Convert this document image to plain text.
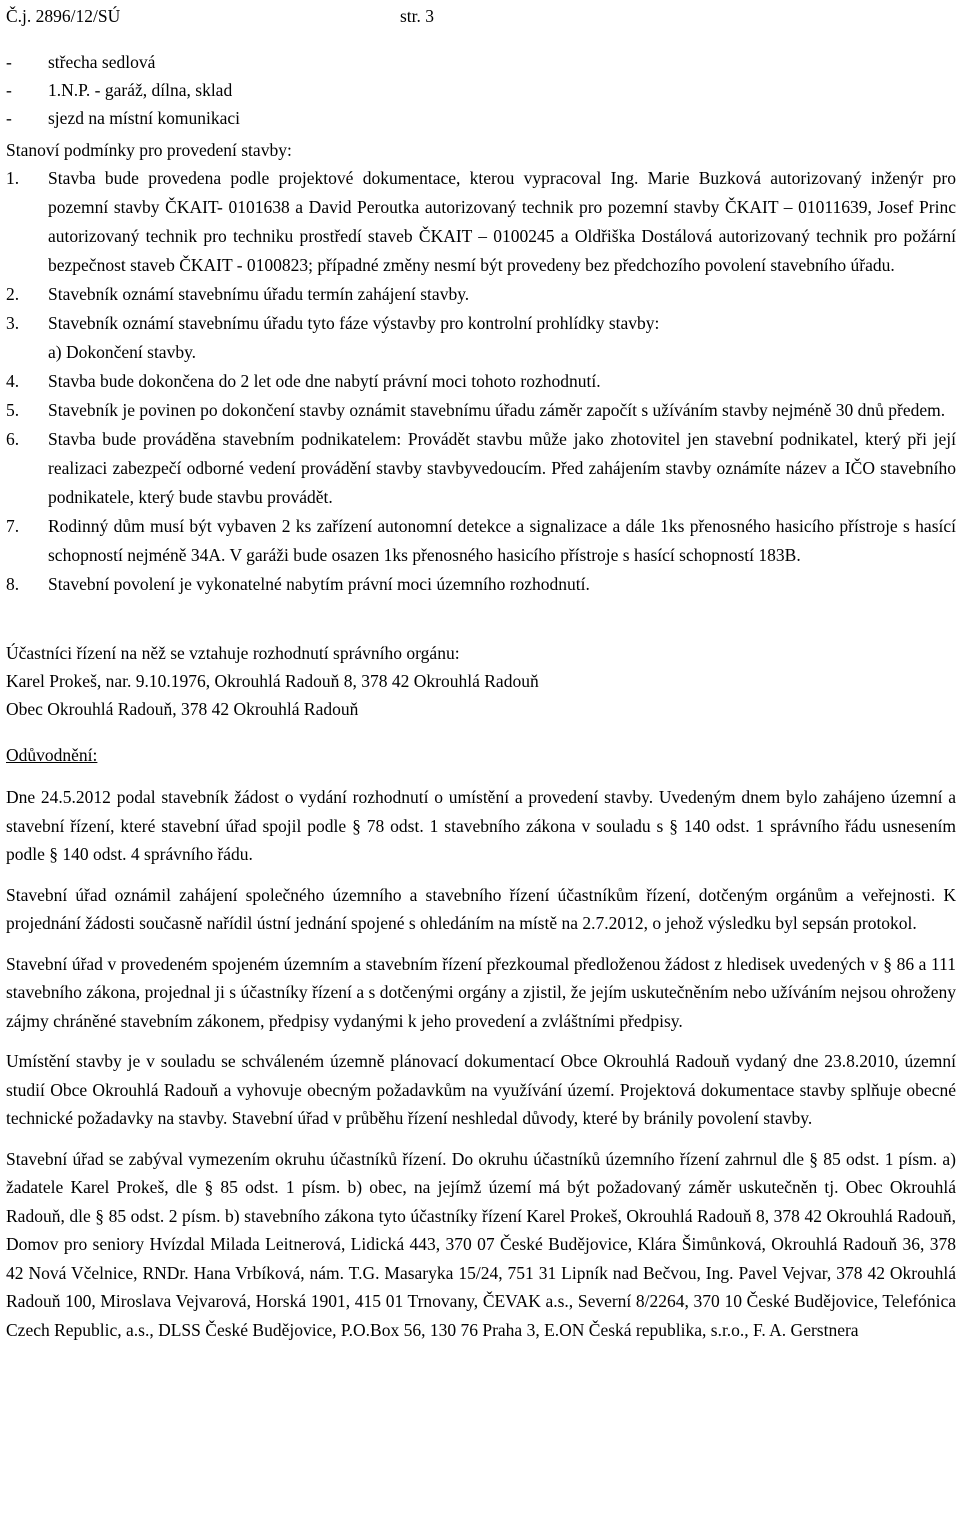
Č.j. 2896/12/SÚ	str. 3
- střecha sedlová
- 1.N.P. - garáž, dílna, sklad
- sjezd na místní komunikaci
Stanoví podmínky pro provedení stavby:
1.	Stavba bude provedena podle projektové dokumentace, kterou vypracoval Ing. Marie Buzková autorizovaný inženýr pro pozemní stavby ČKAIT- 0101638 a David Peroutka autorizovaný technik pro pozemní stavby ČKAIT – 01011639, Josef Princ autorizovaný technik pro techniku prostředí staveb ČKAIT – 0100245 a Oldřiška Dostálová autorizovaný technik pro požární bezpečnost staveb ČKAIT - 0100823; případné změny nesmí být provedeny bez předchozího povolení stavebního úřadu.
2.	Stavebník oznámí stavebnímu úřadu termín zahájení stavby.
3.	Stavebník oznámí stavebnímu úřadu tyto fáze výstavby pro kontrolní prohlídky stavby:
a) Dokončení stavby.
4.	Stavba bude dokončena do 2 let ode dne nabytí právní moci tohoto rozhodnutí.
5.	Stavebník je povinen po dokončení stavby oznámit stavebnímu úřadu záměr započít s užíváním stavby nejméně 30 dnů předem.
6.	Stavba bude prováděna stavebním podnikatelem: Provádět stavbu může jako zhotovitel jen stavební podnikatel, který při její realizaci zabezpečí odborné vedení provádění stavby stavbyvedoucím. Před zahájením stavby oznámíte název a IČO stavebního podnikatele, který bude stavbu provádět.
7.	Rodinný dům musí být vybaven 2 ks zařízení autonomní detekce a signalizace a dále 1ks přenosného hasicího přístroje s hasící schopností nejméně 34A. V garáži bude osazen 1ks přenosného hasicího přístroje s hasící schopností 183B.
8.	Stavební povolení je vykonatelné nabytím právní moci územního rozhodnutí.
Účastníci řízení na něž se vztahuje rozhodnutí správního orgánu:
Karel Prokeš, nar. 9.10.1976, Okrouhlá Radouň 8, 378 42 Okrouhlá Radouň
Obec Okrouhlá Radouň, 378 42 Okrouhlá Radouň
Odůvodnění:
Dne 24.5.2012 podal stavebník žádost o vydání rozhodnutí o umístění a provedení stavby. Uvedeným dnem bylo zahájeno územní a stavební řízení, které stavební úřad spojil podle § 78 odst. 1 stavebního zákona v souladu s § 140 odst. 1 správního řádu usnesením podle § 140 odst. 4 správního řádu.
Stavební úřad oznámil zahájení společného územního a stavebního řízení účastníkům řízení, dotčeným orgánům a veřejnosti. K projednání žádosti současně nařídil ústní jednání spojené s ohledáním na místě na 2.7.2012, o jehož výsledku byl sepsán protokol.
Stavební úřad v provedeném spojeném územním a stavebním řízení přezkoumal předloženou žádost z hledisek uvedených v § 86 a 111 stavebního zákona, projednal ji s účastníky řízení a s dotčenými orgány a zjistil, že jejím uskutečněním nebo užíváním nejsou ohroženy zájmy chráněné stavebním zákonem, předpisy vydanými k jeho provedení a zvláštními předpisy.
Umístění stavby je v souladu se schváleném územně plánovací dokumentací Obce Okrouhlá Radouň vydaný dne 23.8.2010, územní studií Obce Okrouhlá Radouň a vyhovuje obecným požadavkům na využívání území. Projektová dokumentace stavby splňuje obecné technické požadavky na stavby. Stavební úřad v průběhu řízení neshledal důvody, které by bránily povolení stavby.
Stavební úřad se zabýval vymezením okruhu účastníků řízení. Do okruhu účastníků územního řízení zahrnul dle § 85 odst. 1 písm. a) žadatele Karel Prokeš, dle § 85 odst. 1 písm. b) obec, na jejímž území má být požadovaný záměr uskutečněn tj. Obec Okrouhlá Radouň, dle § 85 odst. 2 písm. b) stavebního zákona tyto účastníky řízení Karel Prokeš, Okrouhlá Radouň 8, 378 42 Okrouhlá Radouň, Domov pro seniory Hvízdal Milada Leitnerová, Lidická 443, 370 07 České Budějovice, Klára Šimůnková, Okrouhlá Radouň 36, 378 42 Nová Včelnice, RNDr. Hana Vrbíková, nám. T.G. Masaryka 15/24, 751 31 Lipník nad Bečvou, Ing. Pavel Vejvar, 378 42 Okrouhlá Radouň 100, Miroslava Vejvarová, Horská 1901, 415 01 Trnovany, ČEVAK a.s., Severní 8/2264, 370 10 České Budějovice, Telefónica Czech Republic, a.s., DLSS České Budějovice, P.O.Box 56, 130 76 Praha 3, E.ON Česká republika, s.r.o., F. A. Gerstnera
